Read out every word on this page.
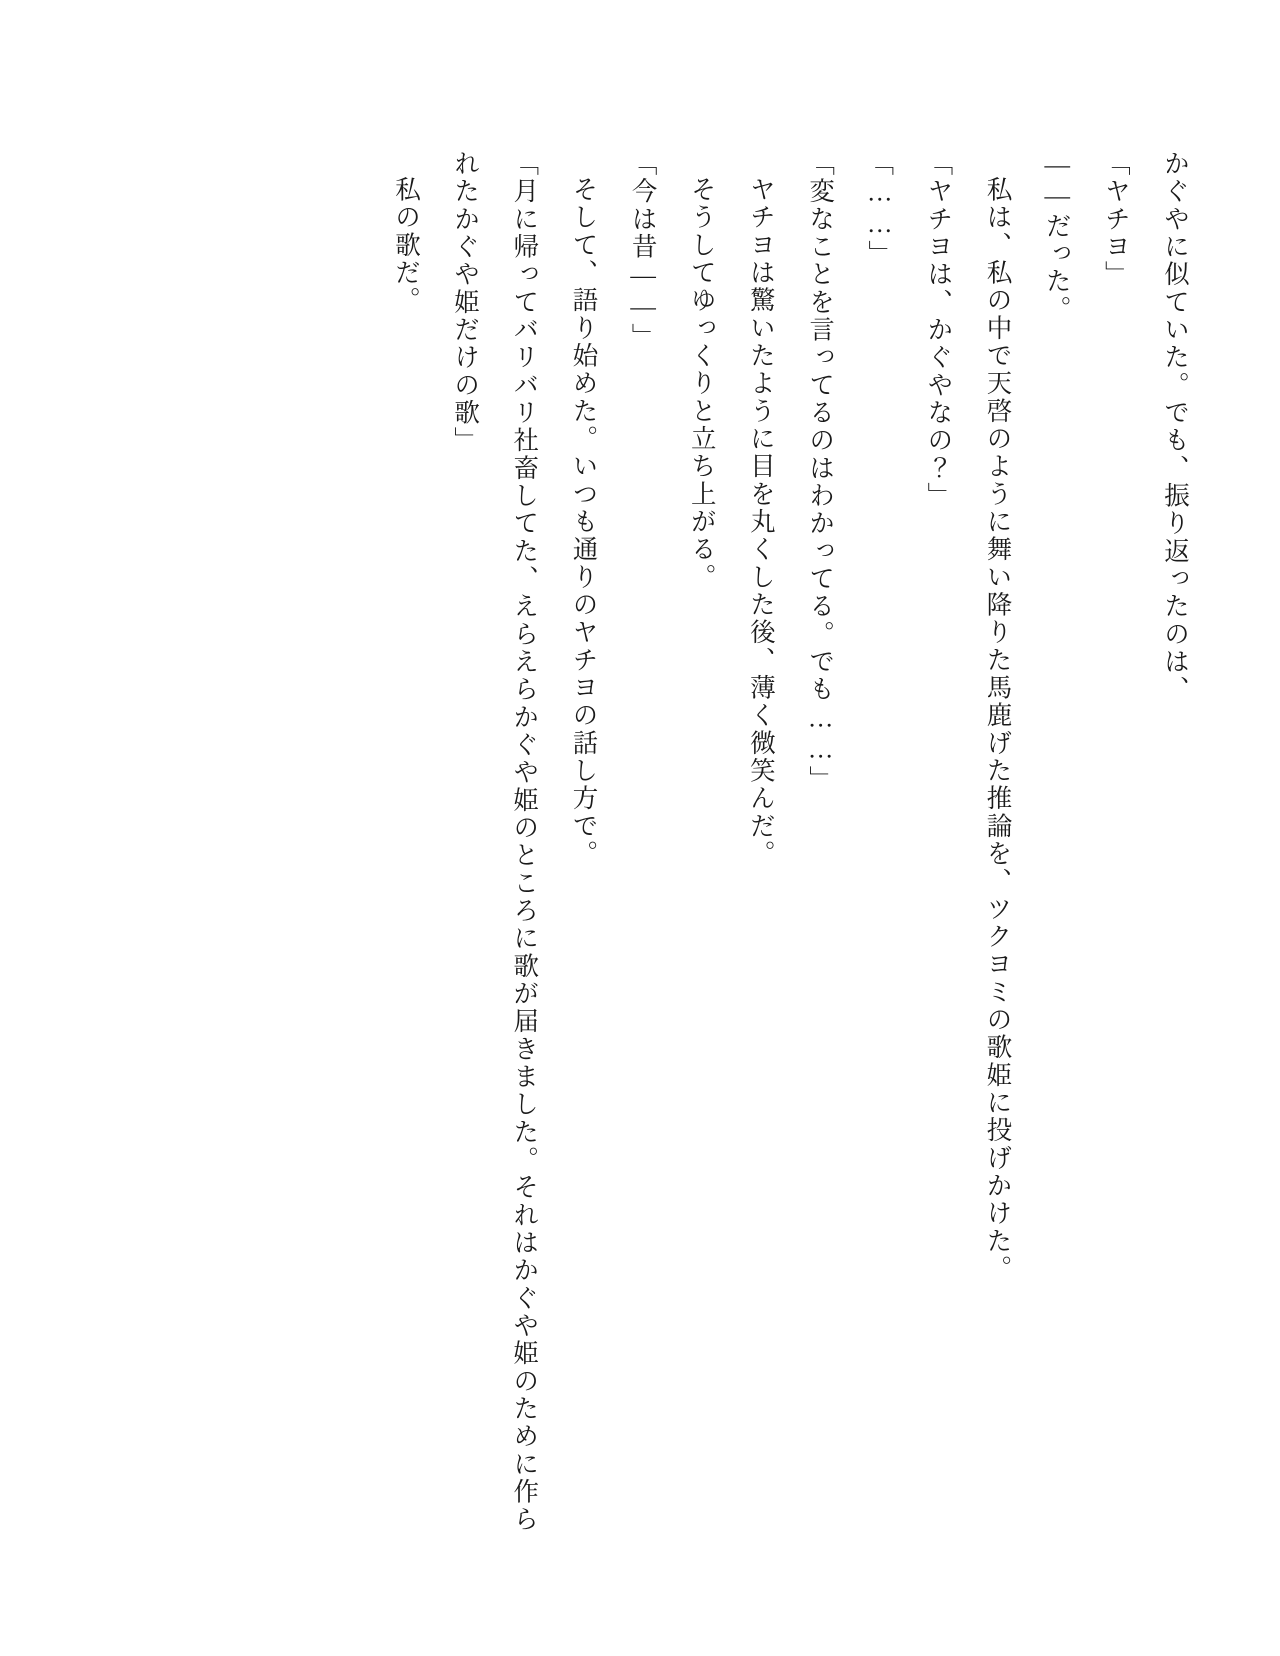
かぐやに似ていた。でも、振り返ったのは、

「ヤチヨ」

――だった。

私は、私の中で天啓のように舞い降りた馬鹿げた推論を、ツクヨミの歌姫に投げかけた。

「ヤチヨは、かぐやなの？」

「……」

「変なことを言ってるのはわかってる。でも……」

ヤチヨは驚いたように目を丸くした後、薄く微笑んだ。

そうしてゆっくりと立ち上がる。

「今は昔――」

そして、語り始めた。いつも通りのヤチヨの話し方で。

「月に帰ってバリバリ社畜してた、えらえらかぐや姫のところに歌が届きました。それはかぐや姫のために作られたかぐや姫だけの歌」

私の歌だ。
